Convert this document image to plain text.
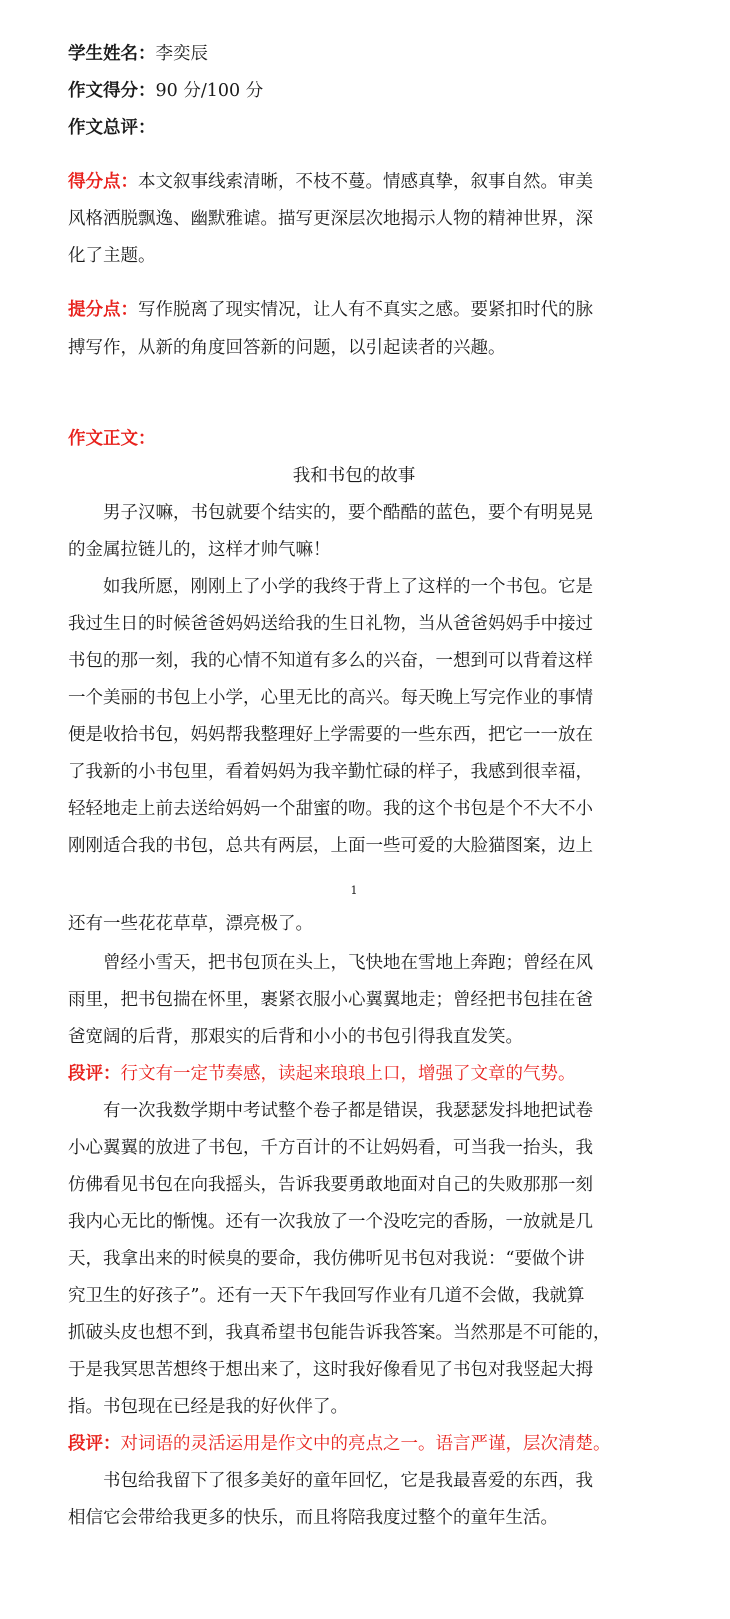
学生姓名：李奕辰
作文得分：90 分/100 分
作文总评：
得分点：本文叙事线索清晰，不枝不蔓。情感真挚，叙事自然。审美
风格洒脱飘逸、幽默雅谑。描写更深层次地揭示人物的精神世界，深
化了主题。
提分点：写作脱离了现实情况，让人有不真实之感。要紧扣时代的脉
搏写作，从新的角度回答新的问题，以引起读者的兴趣。
作文正文：
我和书包的故事
男子汉嘛，书包就要个结实的，要个酷酷的蓝色，要个有明晃晃
的金属拉链儿的，这样才帅气嘛！
如我所愿，刚刚上了小学的我终于背上了这样的一个书包。它是
我过生日的时候爸爸妈妈送给我的生日礼物，当从爸爸妈妈手中接过
书包的那一刻，我的心情不知道有多么的兴奋，一想到可以背着这样
一个美丽的书包上小学，心里无比的高兴。每天晚上写完作业的事情
便是收拾书包，妈妈帮我整理好上学需要的一些东西，把它一一放在
了我新的小书包里，看着妈妈为我辛勤忙碌的样子，我感到很幸福，
轻轻地走上前去送给妈妈一个甜蜜的吻。我的这个书包是个不大不小
刚刚适合我的书包，总共有两层，上面一些可爱的大脸猫图案，边上
1
还有一些花花草草，漂亮极了。
曾经小雪天，把书包顶在头上，飞快地在雪地上奔跑；曾经在风
雨里，把书包揣在怀里，裹紧衣服小心翼翼地走；曾经把书包挂在爸
爸宽阔的后背，那艰实的后背和小小的书包引得我直发笑。
段评：行文有一定节奏感，读起来琅琅上口，增强了文章的气势。
有一次我数学期中考试整个卷子都是错误，我瑟瑟发抖地把试卷
小心翼翼的放进了书包，千方百计的不让妈妈看，可当我一抬头，我
仿佛看见书包在向我摇头，告诉我要勇敢地面对自己的失败那那一刻
我内心无比的惭愧。还有一次我放了一个没吃完的香肠，一放就是几
天，我拿出来的时候臭的要命，我仿佛听见书包对我说：“要做个讲
究卫生的好孩子”。还有一天下午我回写作业有几道不会做，我就算
抓破头皮也想不到，我真希望书包能告诉我答案。当然那是不可能的，
于是我冥思苦想终于想出来了，这时我好像看见了书包对我竖起大拇
指。书包现在已经是我的好伙伴了。
段评：对词语的灵活运用是作文中的亮点之一。语言严谨，层次清楚。
书包给我留下了很多美好的童年回忆，它是我最喜爱的东西，我
相信它会带给我更多的快乐，而且将陪我度过整个的童年生活。
